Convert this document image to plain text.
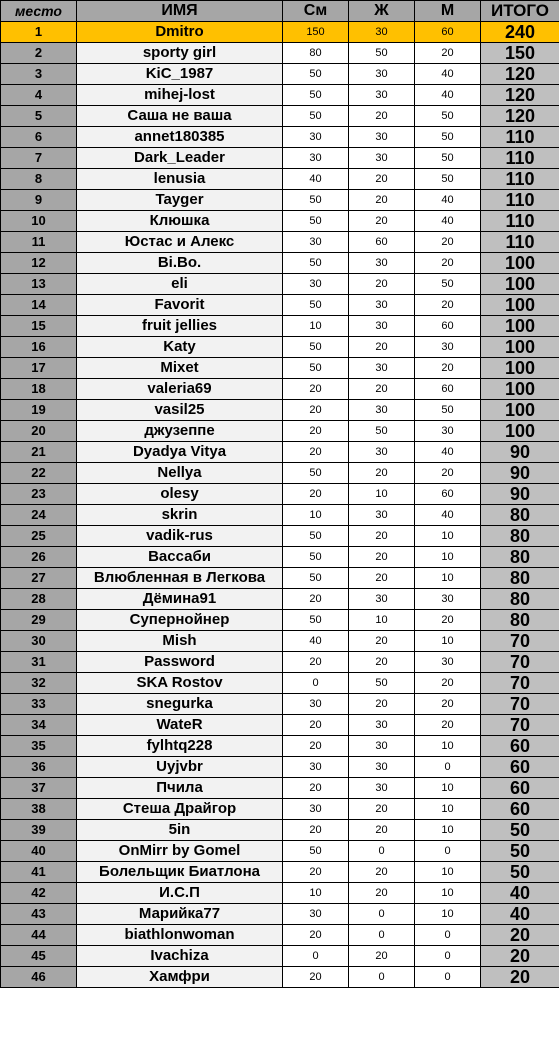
место	ИМЯ	См	Ж	М	ИТОГО
1	Dmitro	150	30	60	240
2	sporty girl	80	50	20	150
3	KiC_1987	50	30	40	120
4	mihej-lost	50	30	40	120
5	Саша не ваша	50	20	50	120
6	annet180385	30	30	50	110
7	Dark_Leader	30	30	50	110
8	lenusia	40	20	50	110
9	Tayger	50	20	40	110
10	Клюшка	50	20	40	110
11	Юстас и Алекс	30	60	20	110
12	Bi.Bo.	50	30	20	100
13	eli	30	20	50	100
14	Favorit	50	30	20	100
15	fruit jellies	10	30	60	100
16	Katy	50	20	30	100
17	Mixet	50	30	20	100
18	valeria69	20	20	60	100
19	vasil25	20	30	50	100
20	джузеппе	20	50	30	100
21	Dyadya Vitya	20	30	40	90
22	Nellya	50	20	20	90
23	olesy	20	10	60	90
24	skrin	10	30	40	80
25	vadik-rus	50	20	10	80
26	Вассаби	50	20	10	80
27	Влюбленная в Легкова	50	20	10	80
28	Дёмина91	20	30	30	80
29	Супернойнер	50	10	20	80
30	Mish	40	20	10	70
31	Password	20	20	30	70
32	SKA Rostov	0	50	20	70
33	snegurka	30	20	20	70
34	WateR	20	30	20	70
35	fylhtq228	20	30	10	60
36	Uyjvbr	30	30	0	60
37	Пчила	20	30	10	60
38	Стеша Драйгор	30	20	10	60
39	5in	20	20	10	50
40	OnMirr by Gomel	50	0	0	50
41	Болельщик Биатлона	20	20	10	50
42	И.С.П	10	20	10	40
43	Марийка77	30	0	10	40
44	biathlonwoman	20	0	0	20
45	Ivachiza	0	20	0	20
46	Хамфри	20	0	0	20
